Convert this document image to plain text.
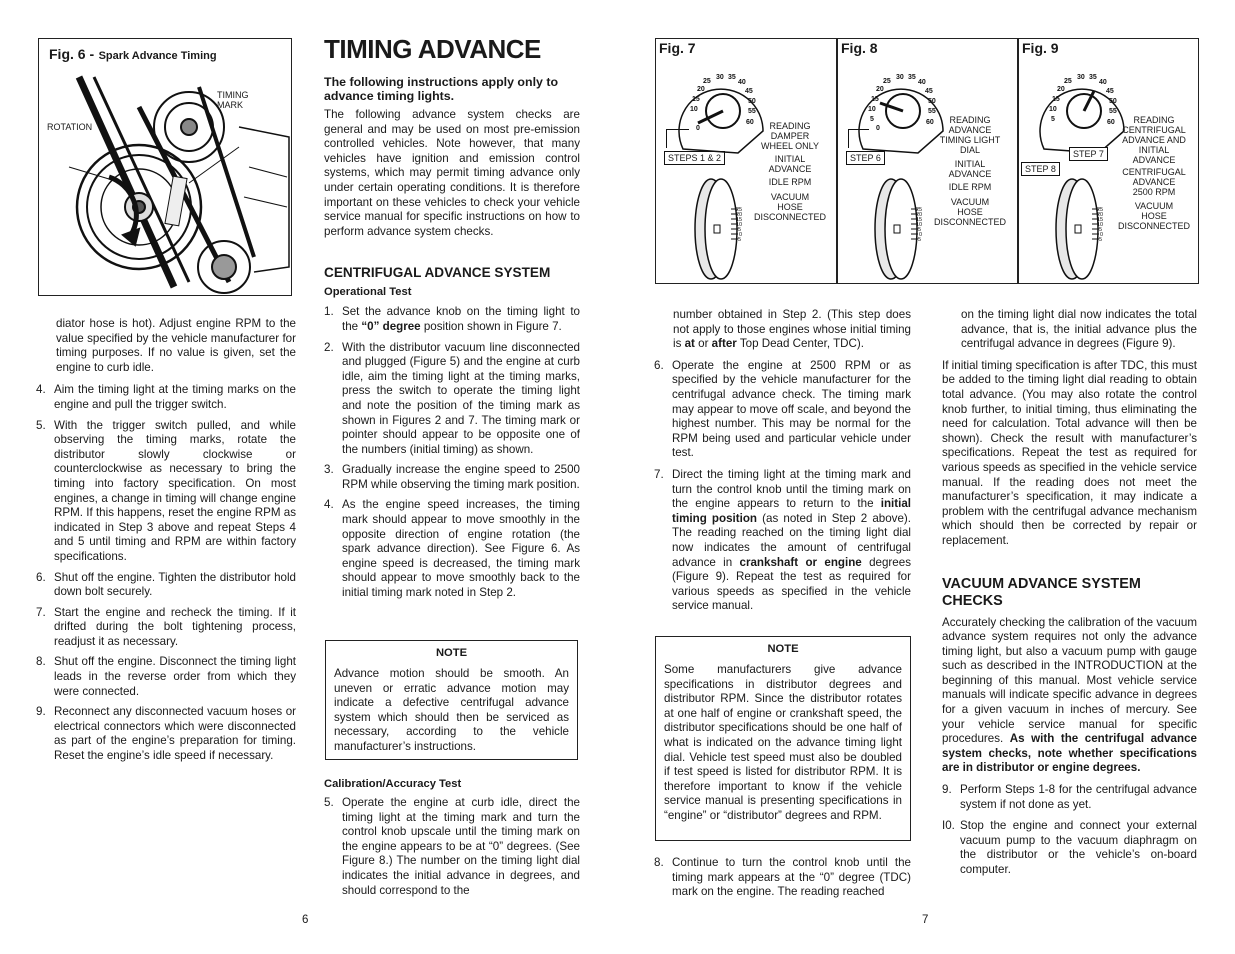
Fig. 6 - Spark Advance Timing
TIMING
MARK
ROTATION

diator hose is hot). Adjust engine RPM to the value specified by the vehicle manufacturer for timing purposes. If no value is given, set the engine to curb idle.

4. Aim the timing light at the timing marks on the engine and pull the trigger switch.
5. With the trigger switch pulled, and while observing the timing marks, rotate the distributor slowly clockwise or counterclockwise as necessary to bring the timing into factory specification. On most engines, a change in timing will change engine RPM. If this happens, reset the engine RPM as indicated in Step 3 above and repeat Steps 4 and 5 until timing and RPM are within factory specifications.
6. Shut off the engine. Tighten the distributor hold down bolt securely.
7. Start the engine and recheck the timing. If it drifted during the bolt tightening process, readjust it as necessary.
8. Shut off the engine. Disconnect the timing light leads in the reverse order from which they were connected.
9. Reconnect any disconnected vacuum hoses or electrical connectors which were disconnected as part of the engine’s preparation for timing. Reset the engine’s idle speed if necessary.
TIMING ADVANCE
The following instructions apply only to advance timing lights.

The following advance system checks are general and may be used on most pre-emission controlled vehicles. Note however, that many vehicles have ignition and emission control systems, which may permit timing advance only under certain operating conditions. It is therefore important on these vehicles to check your vehicle service manual for specific instructions on how to perform advance system checks.

CENTRIFUGAL ADVANCE SYSTEM
Operational Test
1. Set the advance knob on the timing light to the “0” degree position shown in Figure 7.
2. With the distributor vacuum line disconnected and plugged (Figure 5) and the engine at curb idle, aim the timing light at the timing marks, press the switch to operate the timing light and note the position of the timing mark as shown in Figures 2 and 7. The timing mark or pointer should appear to be opposite one of the numbers (initial timing) as shown.
3. Gradually increase the engine speed to 2500 RPM while observing the timing mark position.
4. As the engine speed increases, the timing mark should appear to move smoothly in the opposite direction of engine rotation (the spark advance direction). See Figure 6. As engine speed is decreased, the timing mark should appear to move smoothly back to the initial timing mark noted in Step 2.
NOTE

Advance motion should be smooth. An uneven or erratic advance motion may indicate a defective centrifugal advance system which should then be serviced as necessary, according to the vehicle manufacturer’s instructions.

Calibration/Accuracy Test
5. Operate the engine at curb idle, direct the timing light at the timing mark and turn the control knob upscale until the timing mark on the engine appears to be at “0” degrees. (See Figure 8.) The number on the timing light dial indicates the initial advance in degrees, and should correspond to the
6
Fig. 7
0
10
15
20
25
30 35
40
45
50
55
60
STEPS 1 & 2
READING
DAMPER
WHEEL ONLY
INITIAL
ADVANCE
IDLE RPM
VACUUM
HOSE
DISCONNECTED
25
20
15
10
5
0
5
Fig. 8
0
5
10
15
20
25
30 35
40
45
50
55
60
STEP 6
READING
ADVANCE
TIMING LIGHT
DIAL
INITIAL
ADVANCE
IDLE RPM
VACUUM
HOSE
DISCONNECTED
25
20
15
10
5
0
5
Fig. 9
5
10
15
20
25
30 35
40
45
50
55
60
STEP 7
STEP 8
READING
CENTRIFUGAL
ADVANCE AND
INITIAL
ADVANCE
CENTRIFUGAL
ADVANCE
2500 RPM
VACUUM
HOSE
DISCONNECTED
25
20
15
10
5
0
5

number obtained in Step 2. (This step does not apply to those engines whose initial timing is at or after Top Dead Center, TDC).

6. Operate the engine at 2500 RPM or as specified by the vehicle manufacturer for the centrifugal advance check. The timing mark may appear to move off scale, and beyond the highest number. This may be normal for the RPM being used and particular vehicle under test.
7. Direct the timing light at the timing mark and turn the control knob until the timing mark on the engine appears to return to the initial timing position (as noted in Step 2 above). The reading reached on the timing light dial now indicates the amount of centrifugal advance in crankshaft or engine degrees (Figure 9). Repeat the test as required for various speeds as specified in the vehicle service manual.
NOTE

Some manufacturers give advance specifications in distributor degrees and distributor RPM. Since the distributor rotates at one half of engine or crankshaft speed, the distributor specifications should be one half of what is indicated on the advance timing light dial. Vehicle test speed must also be doubled if test speed is listed for distributor RPM. It is therefore important to know if the vehicle service manual is presenting specifications in “engine” or “distributor” degrees and RPM.

8. Continue to turn the control knob until the timing mark appears at the “0” degree (TDC) mark on the engine. The reading reached

on the timing light dial now indicates the total advance, that is, the initial advance plus the centrifugal advance in degrees (Figure 9).

If initial timing specification is after TDC, this must be added to the timing light dial reading to obtain total advance. (You may also rotate the control knob further, to initial timing, thus eliminating the need for calculation. Total advance will then be shown). Check the result with manufacturer’s specifications. Repeat the test as required for various speeds as specified in the vehicle service manual. If the reading does not meet the manufacturer’s specification, it may indicate a problem with the centrifugal advance mechanism which should then be corrected by repair or replacement.

VACUUM ADVANCE SYSTEM CHECKS

Accurately checking the calibration of the vacuum advance system requires not only the advance timing light, but also a vacuum pump with gauge such as described in the INTRODUCTION at the beginning of this manual. Most vehicle service manuals will indicate specific advance in degrees for a given vacuum in inches of mercury. See your vehicle service manual for specific procedures. As with the centrifugal advance system checks, note whether specifications are in distributor or engine degrees.

9. Perform Steps 1-8 for the centrifugal advance system if not done as yet.
I0. Stop the engine and connect your external vacuum pump to the vacuum diaphragm on the distributor or the vehicle’s on-board computer.
7
